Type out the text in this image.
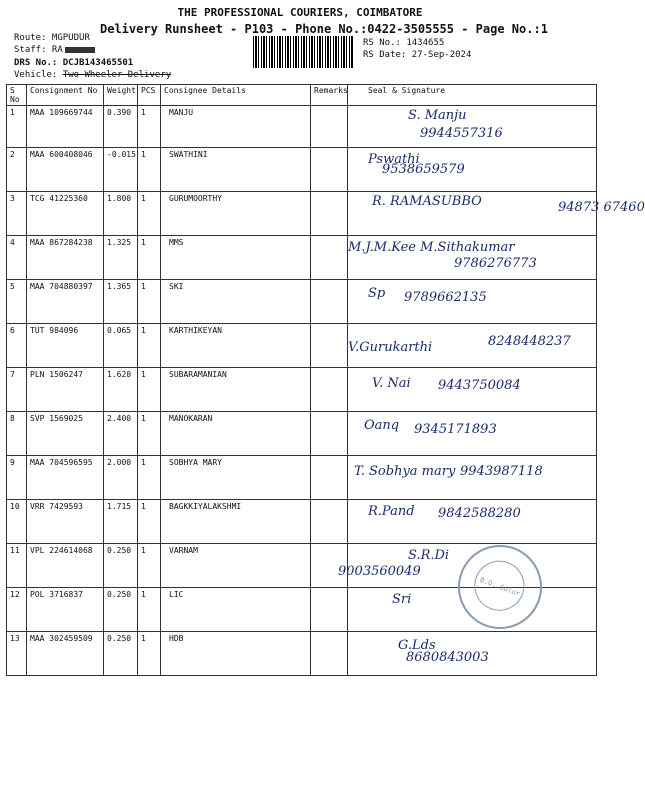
THE PROFESSIONAL COURIERS, COIMBATORE
Delivery Runsheet - P103 - Phone No.:0422-3505555 - Page No.:1
Route: MGPUDUR
Staff: RA
DRS No.: DCJB143465501
Vehicle: Two Wheeler Delivery
RS No.: 1434655
RS Date: 27-Sep-2024
S No	Consignment No	Weight	PCS	Consignee Details	Remarks	Seal & Signature
1	MAA 109669744	0.390	1	MANJU		S. Manju
9944557316

2	MAA 600408046	-0.015	1	SWATHINI		Pswathi
9538659579

3	TCG 41225360	1.800	1	GURUMOORTHY		R. RAMASUBBO 94873 67460

4	MAA 867284238	1.325	1	MMS		M.J.M.Kee M.Sithakumar
9786276773

5	MAA 704880397	1.365	1	SKI		Sp 9789662135

6	TUT 984096	0.065	1	KARTHIKEYAN		V.Gurukarthi 8248448237

7	PLN 1506247	1.620	1	SUBARAMANIAN		V. Nai 9443750084

8	SVP 1569025	2.400	1	MANOKARAN		Oanq 9345171893

9	MAA 704596595	2.000	1	SOBHYA MARY		T. Sobhya mary 9943987118

10	VRR 7429593	1.715	1	BAGKKIYALAKSHMI		R.Pand 9842588280

11	VPL 224614068	0.250	1	VARNAM		S.R.Di
9003560049

12	POL 3716837	0.250	1	LIC		Sri

13	MAA 302459509	0.250	1	HDB		G.Lds
8680843003
B.O. Sulur
